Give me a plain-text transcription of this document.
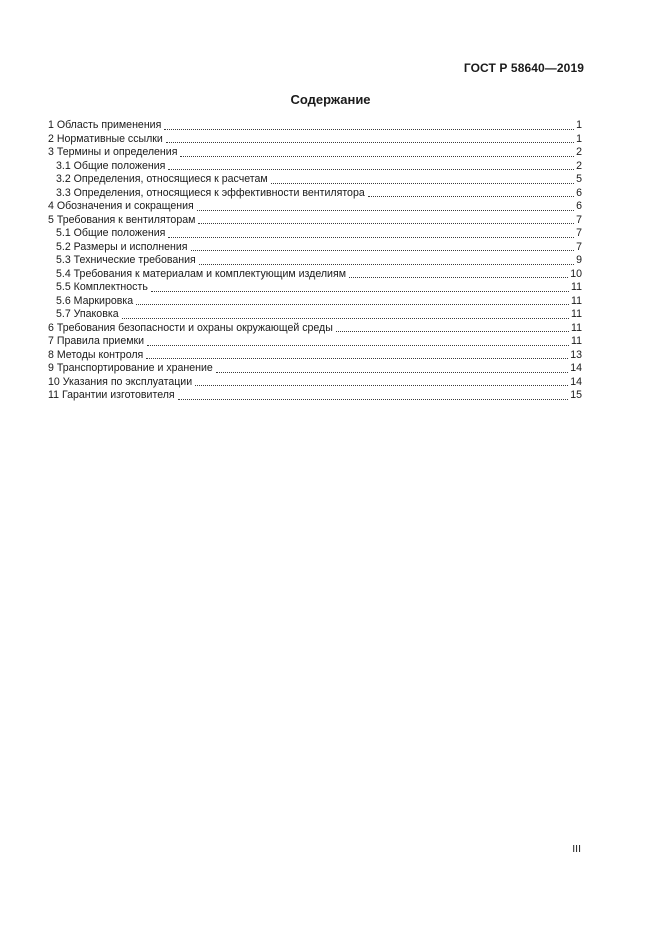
ГОСТ Р 58640—2019
Содержание
1 Область применения	1
2 Нормативные ссылки	1
3 Термины и определения	2
3.1 Общие положения	2
3.2 Определения, относящиеся к расчетам	5
3.3 Определения, относящиеся к эффективности вентилятора	6
4 Обозначения и сокращения	6
5 Требования к вентиляторам	7
5.1 Общие положения	7
5.2 Размеры и исполнения	7
5.3 Технические требования	9
5.4 Требования к материалам и комплектующим изделиям	10
5.5 Комплектность	11
5.6 Маркировка	11
5.7 Упаковка	11
6 Требования безопасности и охраны окружающей среды	11
7 Правила приемки	11
8 Методы контроля	13
9 Транспортирование и хранение	14
10 Указания по эксплуатации	14
11 Гарантии изготовителя	15
III
